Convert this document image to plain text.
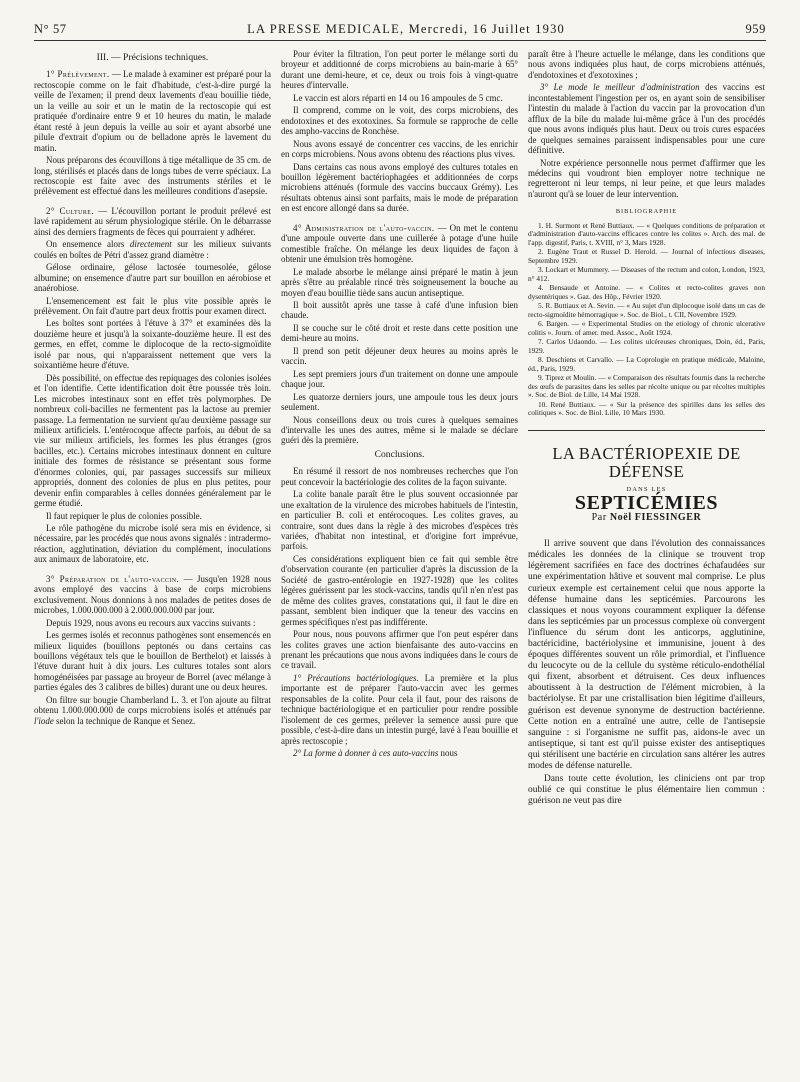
N° 57	LA PRESSE MEDICALE, Mercredi, 16 Juillet 1930	959
III. — Précisions techniques.

1° Prélèvement. — Le malade à examiner est préparé pour la rectoscopie comme on le fait d'habitude, c'est-à-dire purgé la veille de l'examen; il prend deux lavements d'eau bouillie tiède, un la veille au soir et un le matin de la rectoscopie qui est pratiquée d'ordinaire entre 9 et 10 heures du matin, le malade étant resté à jeun depuis la veille au soir et ayant absorbé une pilule d'extrait d'opium ou de belladone après le lavement du matin.

Nous préparons des écouvillons à tige métallique de 35 cm. de long, stérilisés et placés dans de longs tubes de verre spéciaux. La rectoscopie est faite avec des instruments stériles et le prélèvement est effectué dans les meilleures conditions d'asepsie.

2° Culture. — L'écouvillon portant le produit prélevé est lavé rapidement au sérum physiologique stérile. On le débarrasse ainsi des derniers fragments de fèces qui pourraient y adhérer.

On ensemence alors directement sur les milieux suivants coulés en boîtes de Pétri d'assez grand diamètre :

Gélose ordinaire, gélose lactosée tournesolée, gélose albumine; on ensemence d'autre part sur bouillon en aérobiose et anaérobiose.

L'ensemencement est fait le plus vite possible après le prélèvement. On fait d'autre part deux frottis pour examen direct.

Les boîtes sont portées à l'étuve à 37° et examinées dès la douzième heure et jusqu'à la soixante-douzième heure. Il est des germes, en effet, comme le diplocoque de la recto-sigmoïdite isolé par nous, qui n'apparaissent nettement que vers la soixantième heure d'étuve.

Dès possibilité, on effectue des repiquages des colonies isolées et l'on identifie. Cette identification doit être poussée très loin. Les microbes intestinaux sont en effet très polymorphes. De nombreux coli-bacilles ne fermentent pas la lactose au premier passage. La fermentation ne survient qu'au deuxième passage sur milieux artificiels. L'entérocoque affecte parfois, au début de sa vie sur milieux artificiels, les formes les plus étranges (gros bacilles, etc.). Certains microbes intestinaux donnent en culture initiale des formes de résistance se présentant sous forme d'énormes colonies, qui, par passages successifs sur milieux appropriés, donnent des colonies de plus en plus petites, pour devenir enfin comparables à celles données généralement par le germe étudié.

Il faut repiquer le plus de colonies possible.

Le rôle pathogène du microbe isolé sera mis en évidence, si nécessaire, par les procédés que nous avons signalés : intradermo-réaction, agglutination, déviation du complément, inoculations aux animaux de laboratoire, etc.

3° Préparation de l'auto-vaccin. — Jusqu'en 1928 nous avons employé des vaccins à base de corps microbiens exclusivement. Nous donnions à nos malades de petites doses de microbes, 1.000.000.000 à 2.000.000.000 par jour.

Depuis 1929, nous avons eu recours aux vaccins suivants :

Les germes isolés et reconnus pathogènes sont ensemencés en milieux liquides (bouillons peptonés ou dans certains cas bouillons végétaux tels que le bouillon de Berthelot) et laissés à l'étuve durant huit à dix jours. Les cultures totales sont alors homogénéisées par passage au broyeur de Borrel (avec mélange à parties égales des 3 calibres de billes) durant une ou deux heures.

On filtre sur bougie Chamberland L. 3. et l'on ajoute au filtrat obtenu 1.000.000.000 de corps microbiens isolés et atténués par l'iode selon la technique de Ranque et Senez.

Pour éviter la filtration, l'on peut porter le mélange sorti du broyeur et additionné de corps microbiens au bain-marie à 65° durant une demi-heure, et ce, deux ou trois fois à vingt-quatre heures d'intervalle.

Le vaccin est alors réparti en 14 ou 16 ampoules de 5 cmc.

Il comprend, comme on le voit, des corps microbiens, des endotoxines et des exotoxines. Sa formule se rapproche de celle des ampho-vaccins de Ronchèse.

Nous avons essayé de concentrer ces vaccins, de les enrichir en corps microbiens. Nous avons obtenu des réactions plus vives.

Dans certains cas nous avons employé des cultures totales en bouillon légèrement bactériophagées et additionnées de corps microbiens atténués (formule des vaccins buccaux Grémy). Les résultats obtenus ainsi sont parfaits, mais le mode de préparation en est encore allongé dans sa durée.

4° Administration de l'auto-vaccin. — On met le contenu d'une ampoule ouverte dans une cuillerée à potage d'une huile comestible fraîche. On mélange les deux liquides de façon à obtenir une émulsion très homogène.

Le malade absorbe le mélange ainsi préparé le matin à jeun après s'être au préalable rincé très soigneusement la bouche au moyen d'eau bouillie tiède sans aucun antiseptique.

Il boit aussitôt après une tasse à café d'une infusion bien chaude.

Il se couche sur le côté droit et reste dans cette position une demi-heure au moins.

Il prend son petit déjeuner deux heures au moins après le vaccin.

Les sept premiers jours d'un traitement on donne une ampoule chaque jour.

Les quatorze derniers jours, une ampoule tous les deux jours seulement.

Nous conseillons deux ou trois cures à quelques semaines d'intervalle les unes des autres, même si le malade se déclare guéri dès la première.

Conclusions.

En résumé il ressort de nos nombreuses recherches que l'on peut concevoir la bactériologie des colites de la façon suivante.

La colite banale paraît être le plus souvent occasionnée par une exaltation de la virulence des microbes habituels de l'intestin, en particulier B. coli et entérocoques. Les colites graves, au contraire, sont dues dans la règle à des microbes d'espèces très variées, d'habitat non intestinal, et d'origine fort imprévue, parfois.

Ces considérations expliquent bien ce fait qui semble être d'observation courante (en particulier d'après la discussion de la Société de gastro-entérologie en 1927-1928) que les colites légères guérissent par les stock-vaccins, tandis qu'il n'en n'est pas de même des colites graves, constatations qui, il faut le dire en passant, semblent bien indiquer que la teneur des vaccins en germes spécifiques n'est pas indifférente.

Pour nous, nous pouvons affirmer que l'on peut espérer dans les colites graves une action bienfaisante des auto-vaccins en prenant les précautions que nous avons indiquées dans le cours de ce travail.

1° Précautions bactériologiques. La première et la plus importante est de préparer l'auto-vaccin avec les germes responsables de la colite. Pour cela il faut, pour des raisons de technique bactériologique et en particulier pour rendre possible l'isolement de ces germes, prélever la semence aussi pure que possible, c'est-à-dire dans un intestin purgé, lavé à l'eau bouillie et après rectoscopie ;

2° La forme à donner à ces auto-vaccins nous

paraît être à l'heure actuelle le mélange, dans les conditions que nous avons indiquées plus haut, de corps microbiens atténués, d'endotoxines et d'exotoxines ;

3° Le mode le meilleur d'administration des vaccins est incontestablement l'ingestion per os, en ayant soin de sensibiliser l'intestin du malade à l'action du vaccin par la provocation d'un afflux de la bile du malade lui-même grâce à l'un des procédés que nous avons indiqués plus haut. Deux ou trois cures espacées de quelques semaines paraissent indispensables pour une cure définitive.

Notre expérience personnelle nous permet d'affirmer que les médecins qui voudront bien employer notre technique ne regretteront ni leur temps, ni leur peine, et que leurs malades n'auront qu'à se louer de leur intervention.

BIBLIOGRAPHIE

1. H. Surmont et René Buttiaux. — « Quelques conditions de préparation et d'administration d'auto-vaccins efficaces contre les colites ». Arch. des mal. de l'app. digestif, Paris, t. XVIII, n° 3, Mars 1928.

2. Eugène Traut et Russel D. Herold. — Journal of infectious diseases, Septembre 1929.

3. Lockart et Mummery. — Diseases of the rectum and colon, London, 1923, n° 412.

4. Bensaude et Antoine. — « Colites et recto-colites graves non dysentériques ». Gaz. des Hôp., Février 1920.

5. R. Buttiaux et A. Sevin. — « Au sujet d'un diplocoque isolé dans un cas de recto-sigmoïdite hémorragique ». Soc. de Biol., t. CII, Novembre 1929.

6. Bargen. — « Experimental Studies on the etiology of chronic ulcerative colitis ». Journ. of amer. med. Assoc., Août 1924.

7. Carlos Udaondo. — Les colites ulcéreuses chroniques, Doin, éd., Paris, 1929.

8. Deschiens et Carvallo. — La Coprologie en pratique médicale, Maloine, éd., Paris, 1929.

9. Tiprez et Moulin. — « Comparaison des résultats fournis dans la recherche des œufs de parasites dans les selles par récolte unique ou par récoltes multiples ». Soc. de Biol. de Lille, 14 Mai 1928.

10. René Buttiaux. — « Sur la présence des spirilles dans les selles des colitiques ». Soc. de Biol. Lille, 10 Mars 1930.

LA BACTÉRIOPEXIE DE DÉFENSE
DANS LES
SEPTICÉMIES
Par Noël FIESSINGER

Il arrive souvent que dans l'évolution des connaissances médicales les données de la clinique se trouvent trop légèrement sacrifiées en face des doctrines échafaudées sur une expérimentation hâtive et souvent mal comprise. Le plus curieux exemple est certainement celui que nous apporte la défense humaine dans les septicémies. Parcourons les classiques et nous voyons couramment expliquer la défense dans les septicémies par un processus complexe où convergent l'influence du sérum dont les anticorps, agglutinine, bactéricidine, bactériolysine et immunisine, jouent à des époques différentes souvent un rôle primordial, et l'influence du leucocyte ou de la cellule du système réticulo-endothélial qui fixent, absorbent et détruisent. Ces deux influences aboutissent à la destruction de l'élément microbien, à la bactériolyse. Et par une cristallisation bien légitime d'ailleurs, guérison est devenue synonyme de destruction bactérienne. Cette notion en a entraîné une autre, celle de l'antisepsie sanguine : si l'organisme ne suffit pas, aidons-le avec un antiseptique, si tant est qu'il puisse exister des antiseptiques qui stérilisent une bactérie en circulation sans altérer les autres modes de défense naturelle.

Dans toute cette évolution, les cliniciens ont par trop oublié ce qui constitue le plus élémentaire lien commun : guérison ne veut pas dire
